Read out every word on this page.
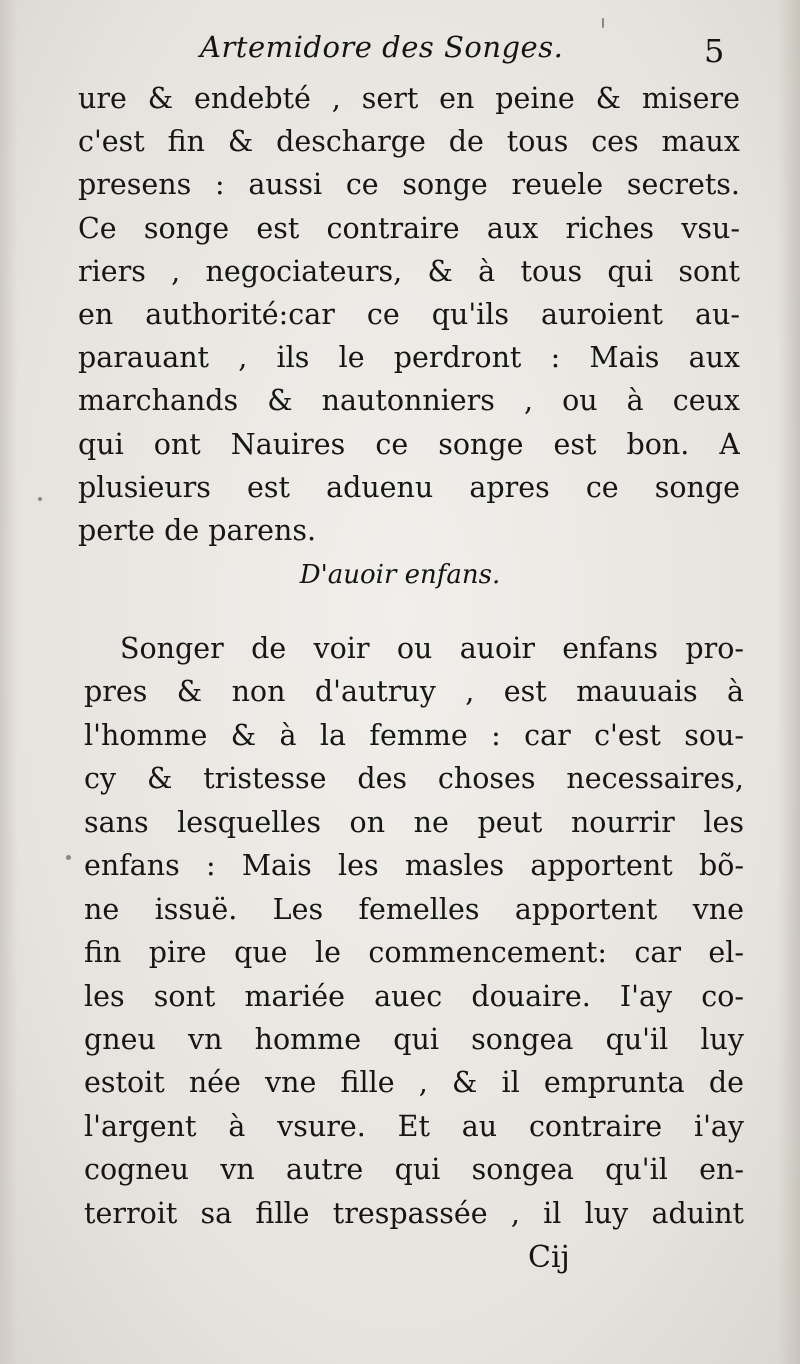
Artemidore des Songes.	5
ure & endebté , sert en peine & misere
c'est fin & descharge de tous ces maux
presens : aussi ce songe reuele secrets.
Ce songe est contraire aux riches vsu-
riers , negociateurs, & à tous qui sont
en authorité:car ce qu'ils auroient au-
parauant , ils le perdront : Mais aux
marchands & nautonniers , ou à ceux
qui ont Nauires ce songe est bon. A
plusieurs est aduenu apres ce songe
perte de parens.
D'auoir enfans.
Songer de voir ou auoir enfans pro-
pres & non d'autruy , est mauuais à
l'homme & à la femme : car c'est sou-
cy & tristesse des choses necessaires,
sans lesquelles on ne peut nourrir les
enfans : Mais les masles apportent bõ-
ne issuë. Les femelles apportent vne
fin pire que le commencement: car el-
les sont mariée auec douaire. I'ay co-
gneu vn homme qui songea qu'il luy
estoit née vne fille , & il emprunta de
l'argent à vsure. Et au contraire i'ay
cogneu vn autre qui songea qu'il en-
terroit sa fille trespassée , il luy aduint
Cij
